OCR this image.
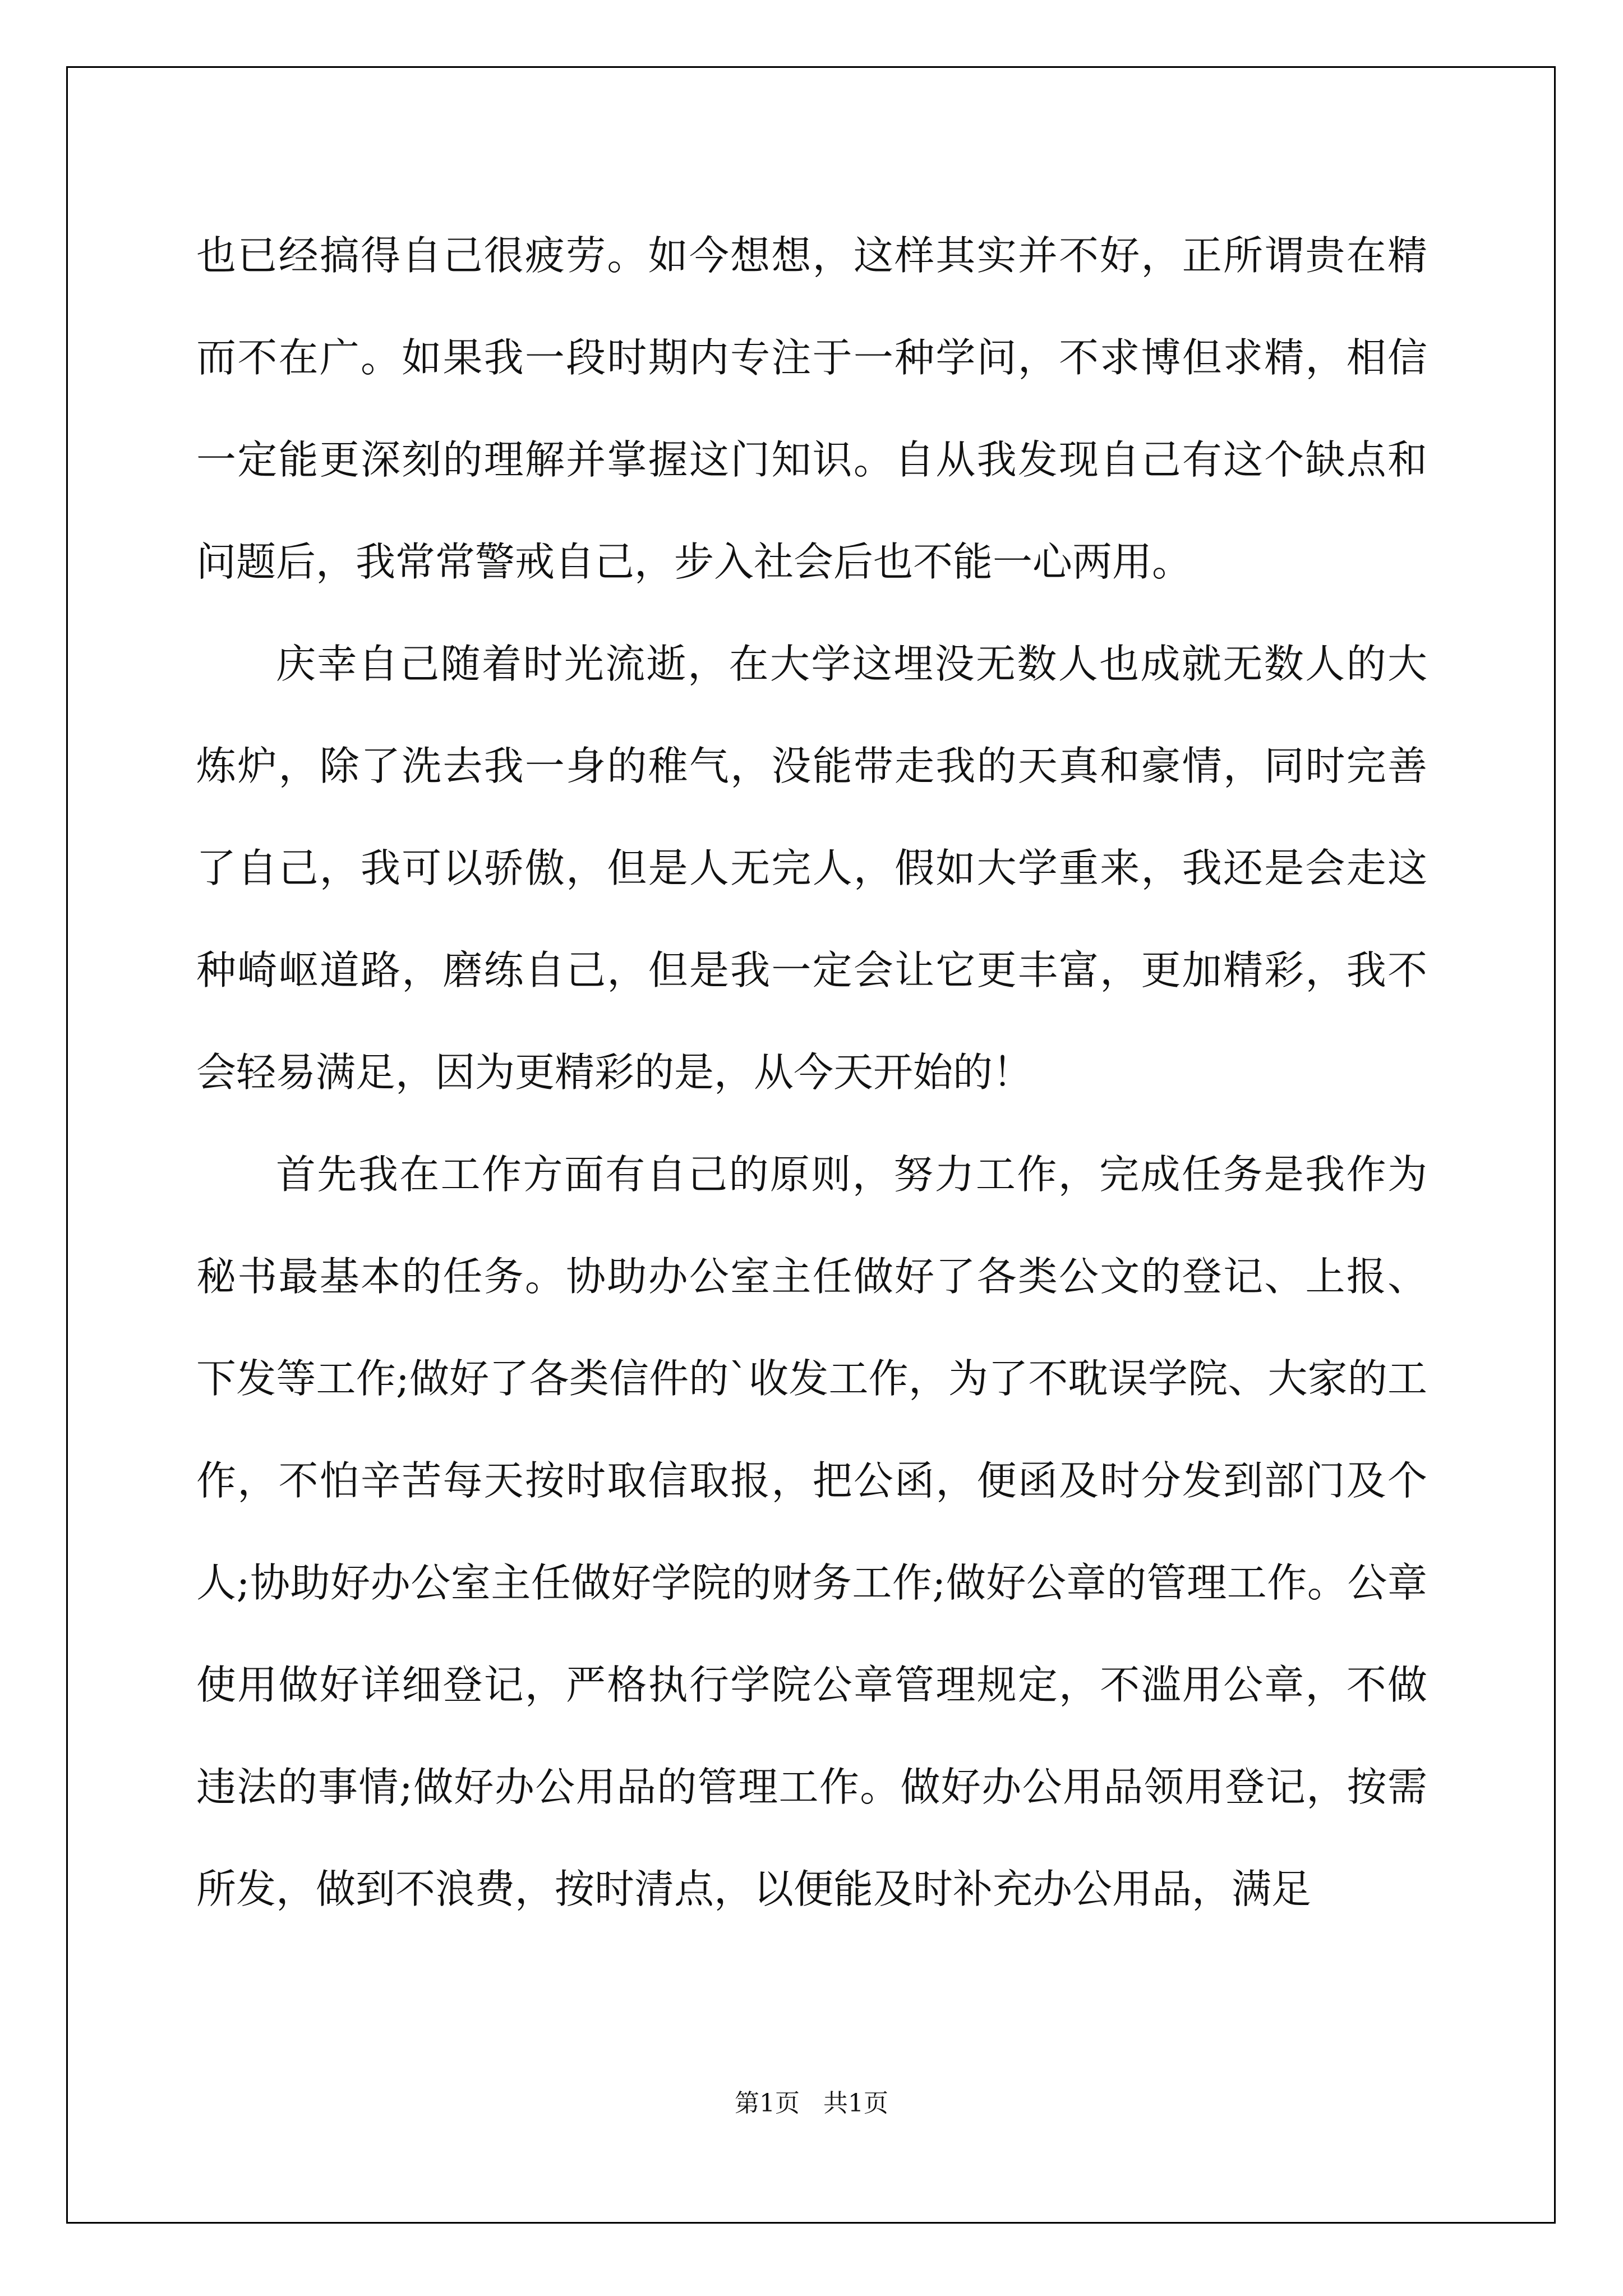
也已经搞得自己很疲劳。如今想想，这样其实并不好，正所谓贵在精而不在广。如果我一段时期内专注于一种学问，不求博但求精，相信一定能更深刻的理解并掌握这门知识。自从我发现自己有这个缺点和问题后，我常常警戒自己，步入社会后也不能一心两用。

庆幸自己随着时光流逝，在大学这埋没无数人也成就无数人的大炼炉，除了洗去我一身的稚气，没能带走我的天真和豪情，同时完善了自己，我可以骄傲，但是人无完人，假如大学重来，我还是会走这种崎岖道路，磨练自己，但是我一定会让它更丰富，更加精彩，我不会轻易满足，因为更精彩的是，从今天开始的！

首先我在工作方面有自己的原则，努力工作，完成任务是我作为秘书最基本的任务。协助办公室主任做好了各类公文的登记、上报、下发等工作;做好了各类信件的`收发工作，为了不耽误学院、大家的工作，不怕辛苦每天按时取信取报，把公函，便函及时分发到部门及个人;协助好办公室主任做好学院的财务工作;做好公章的管理工作。公章使用做好详细登记，严格执行学院公章管理规定，不滥用公章，不做违法的事情;做好办公用品的管理工作。做好办公用品领用登记，按需所发，做到不浪费，按时清点，以便能及时补充办公用品，满足

第1页   共1页
